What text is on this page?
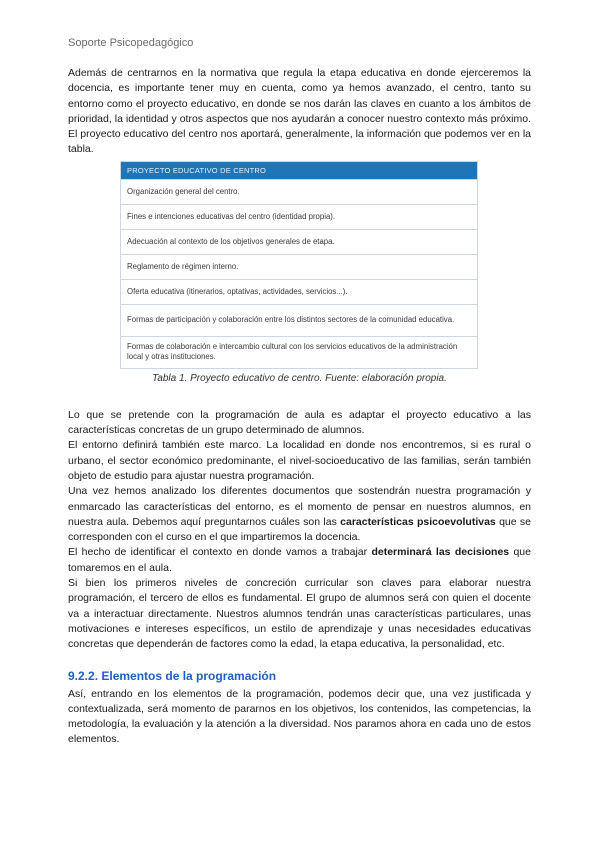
Soporte Psicopedagógico

Además de centrarnos en la normativa que regula la etapa educativa en donde ejerceremos la docencia, es importante tener muy en cuenta, como ya hemos avanzado, el centro, tanto su entorno como el proyecto educativo, en donde se nos darán las claves en cuanto a los ámbitos de prioridad, la identidad y otros aspectos que nos ayudarán a conocer nuestro contexto más próximo. El proyecto educativo del centro nos aportará, generalmente, la información que podemos ver en la tabla.

PROYECTO EDUCATIVO DE CENTRO
Organización general del centro.
Fines e intenciones educativas del centro (identidad propia).
Adecuación al contexto de los objetivos generales de etapa.
Reglamento de régimen interno.
Oferta educativa (itinerarios, optativas, actividades, servicios...).
Formas de participación y colaboración entre los distintos sectores de la comunidad educativa.
Formas de colaboración e intercambio cultural con los servicios educativos de la administración local y otras instituciones.
Tabla 1. Proyecto educativo de centro. Fuente: elaboración propia.

Lo que se pretende con la programación de aula es adaptar el proyecto educativo a las características concretas de un grupo determinado de alumnos.

El entorno definirá también este marco. La localidad en donde nos encontremos, si es rural o urbano, el sector económico predominante, el nivel-socioeducativo de las familias, serán también objeto de estudio para ajustar nuestra programación.

Una vez hemos analizado los diferentes documentos que sostendrán nuestra programación y enmarcado las características del entorno, es el momento de pensar en nuestros alumnos, en nuestra aula. Debemos aquí preguntarnos cuáles son las características psicoevolutivas que se corresponden con el curso en el que impartiremos la docencia.

El hecho de identificar el contexto en donde vamos a trabajar determinará las decisiones que tomaremos en el aula.

Si bien los primeros niveles de concreción curricular son claves para elaborar nuestra programación, el tercero de ellos es fundamental. El grupo de alumnos será con quien el docente va a interactuar directamente. Nuestros alumnos tendrán unas características particulares, unas motivaciones e intereses específicos, un estilo de aprendizaje y unas necesidades educativas concretas que dependerán de factores como la edad, la etapa educativa, la personalidad, etc.

9.2.2. Elementos de la programación

Así, entrando en los elementos de la programación, podemos decir que, una vez justificada y contextualizada, será momento de pararnos en los objetivos, los contenidos, las competencias, la metodología, la evaluación y la atención a la diversidad. Nos paramos ahora en cada uno de estos elementos.
